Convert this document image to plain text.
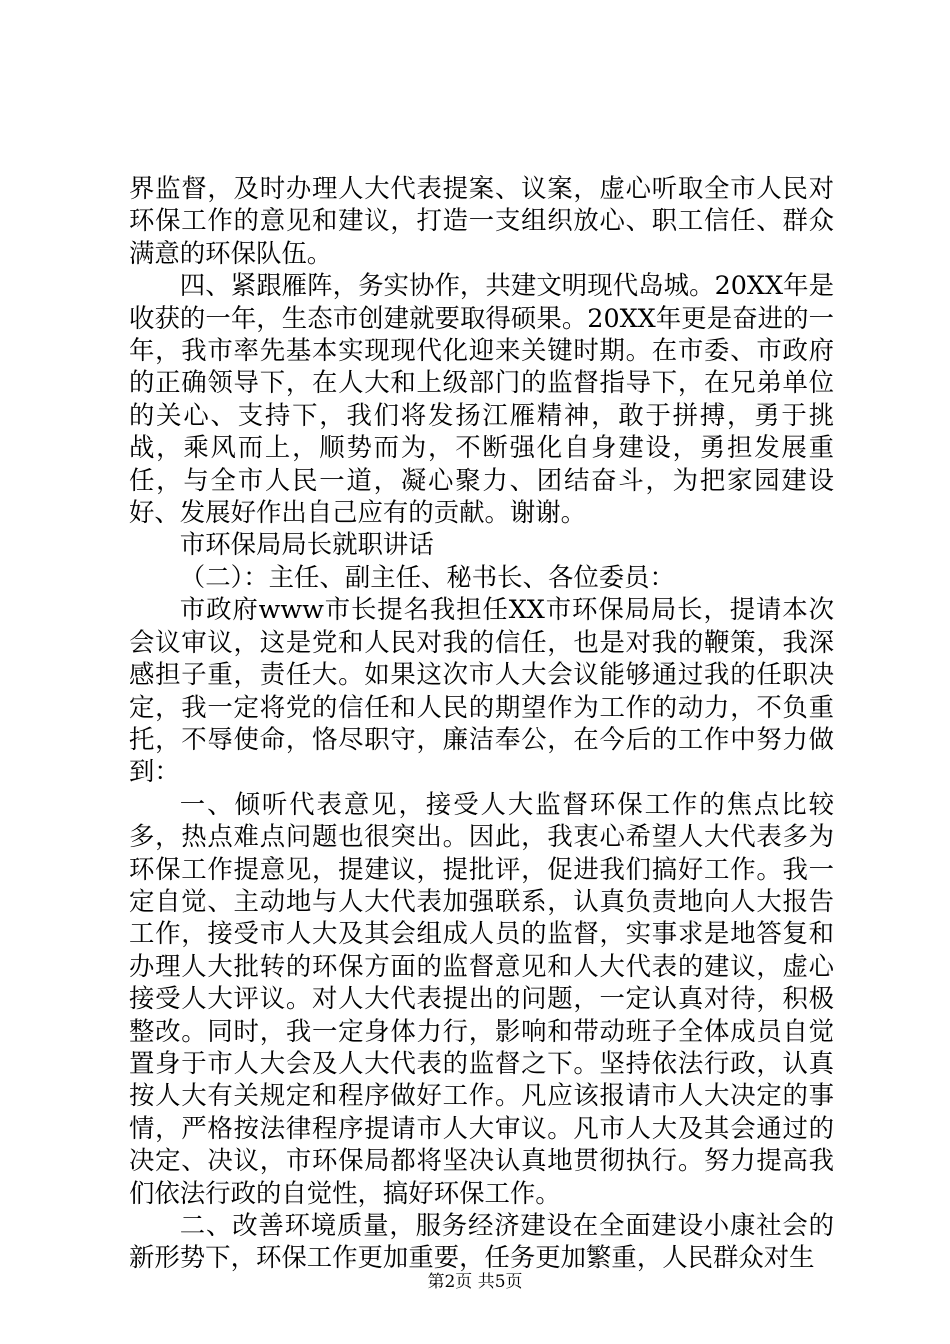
界监督，及时办理人大代表提案、议案，虚心听取全市人民对环保工作的意见和建议，打造一支组织放心、职工信任、群众满意的环保队伍。

四、紧跟雁阵，务实协作，共建文明现代岛城。20XX年是收获的一年，生态市创建就要取得硕果。20XX年更是奋进的一年，我市率先基本实现现代化迎来关键时期。在市委、市政府的正确领导下，在人大和上级部门的监督指导下，在兄弟单位的关心、支持下，我们将发扬江雁精神，敢于拼搏，勇于挑战，乘风而上，顺势而为，不断强化自身建设，勇担发展重任，与全市人民一道，凝心聚力、团结奋斗，为把家园建设好、发展好作出自己应有的贡献。谢谢。

市环保局局长就职讲话

（二）：主任、副主任、秘书长、各位委员：

市政府www市长提名我担任XX市环保局局长，提请本次会议审议，这是党和人民对我的信任，也是对我的鞭策，我深感担子重，责任大。如果这次市人大会议能够通过我的任职决定，我一定将党的信任和人民的期望作为工作的动力，不负重托，不辱使命，恪尽职守，廉洁奉公，在今后的工作中努力做到：

一、倾听代表意见，接受人大监督环保工作的焦点比较多，热点难点问题也很突出。因此，我衷心希望人大代表多为环保工作提意见，提建议，提批评，促进我们搞好工作。我一定自觉、主动地与人大代表加强联系，认真负责地向人大报告工作，接受市人大及其会组成人员的监督，实事求是地答复和办理人大批转的环保方面的监督意见和人大代表的建议，虚心接受人大评议。对人大代表提出的问题，一定认真对待，积极整改。同时，我一定身体力行，影响和带动班子全体成员自觉置身于市人大会及人大代表的监督之下。坚持依法行政，认真按人大有关规定和程序做好工作。凡应该报请市人大决定的事情，严格按法律程序提请市人大审议。凡市人大及其会通过的决定、决议，市环保局都将坚决认真地贯彻执行。努力提高我们依法行政的自觉性，搞好环保工作。

二、改善环境质量，服务经济建设在全面建设小康社会的新形势下，环保工作更加重要，任务更加繁重，人民群众对生

第2页 共5页
